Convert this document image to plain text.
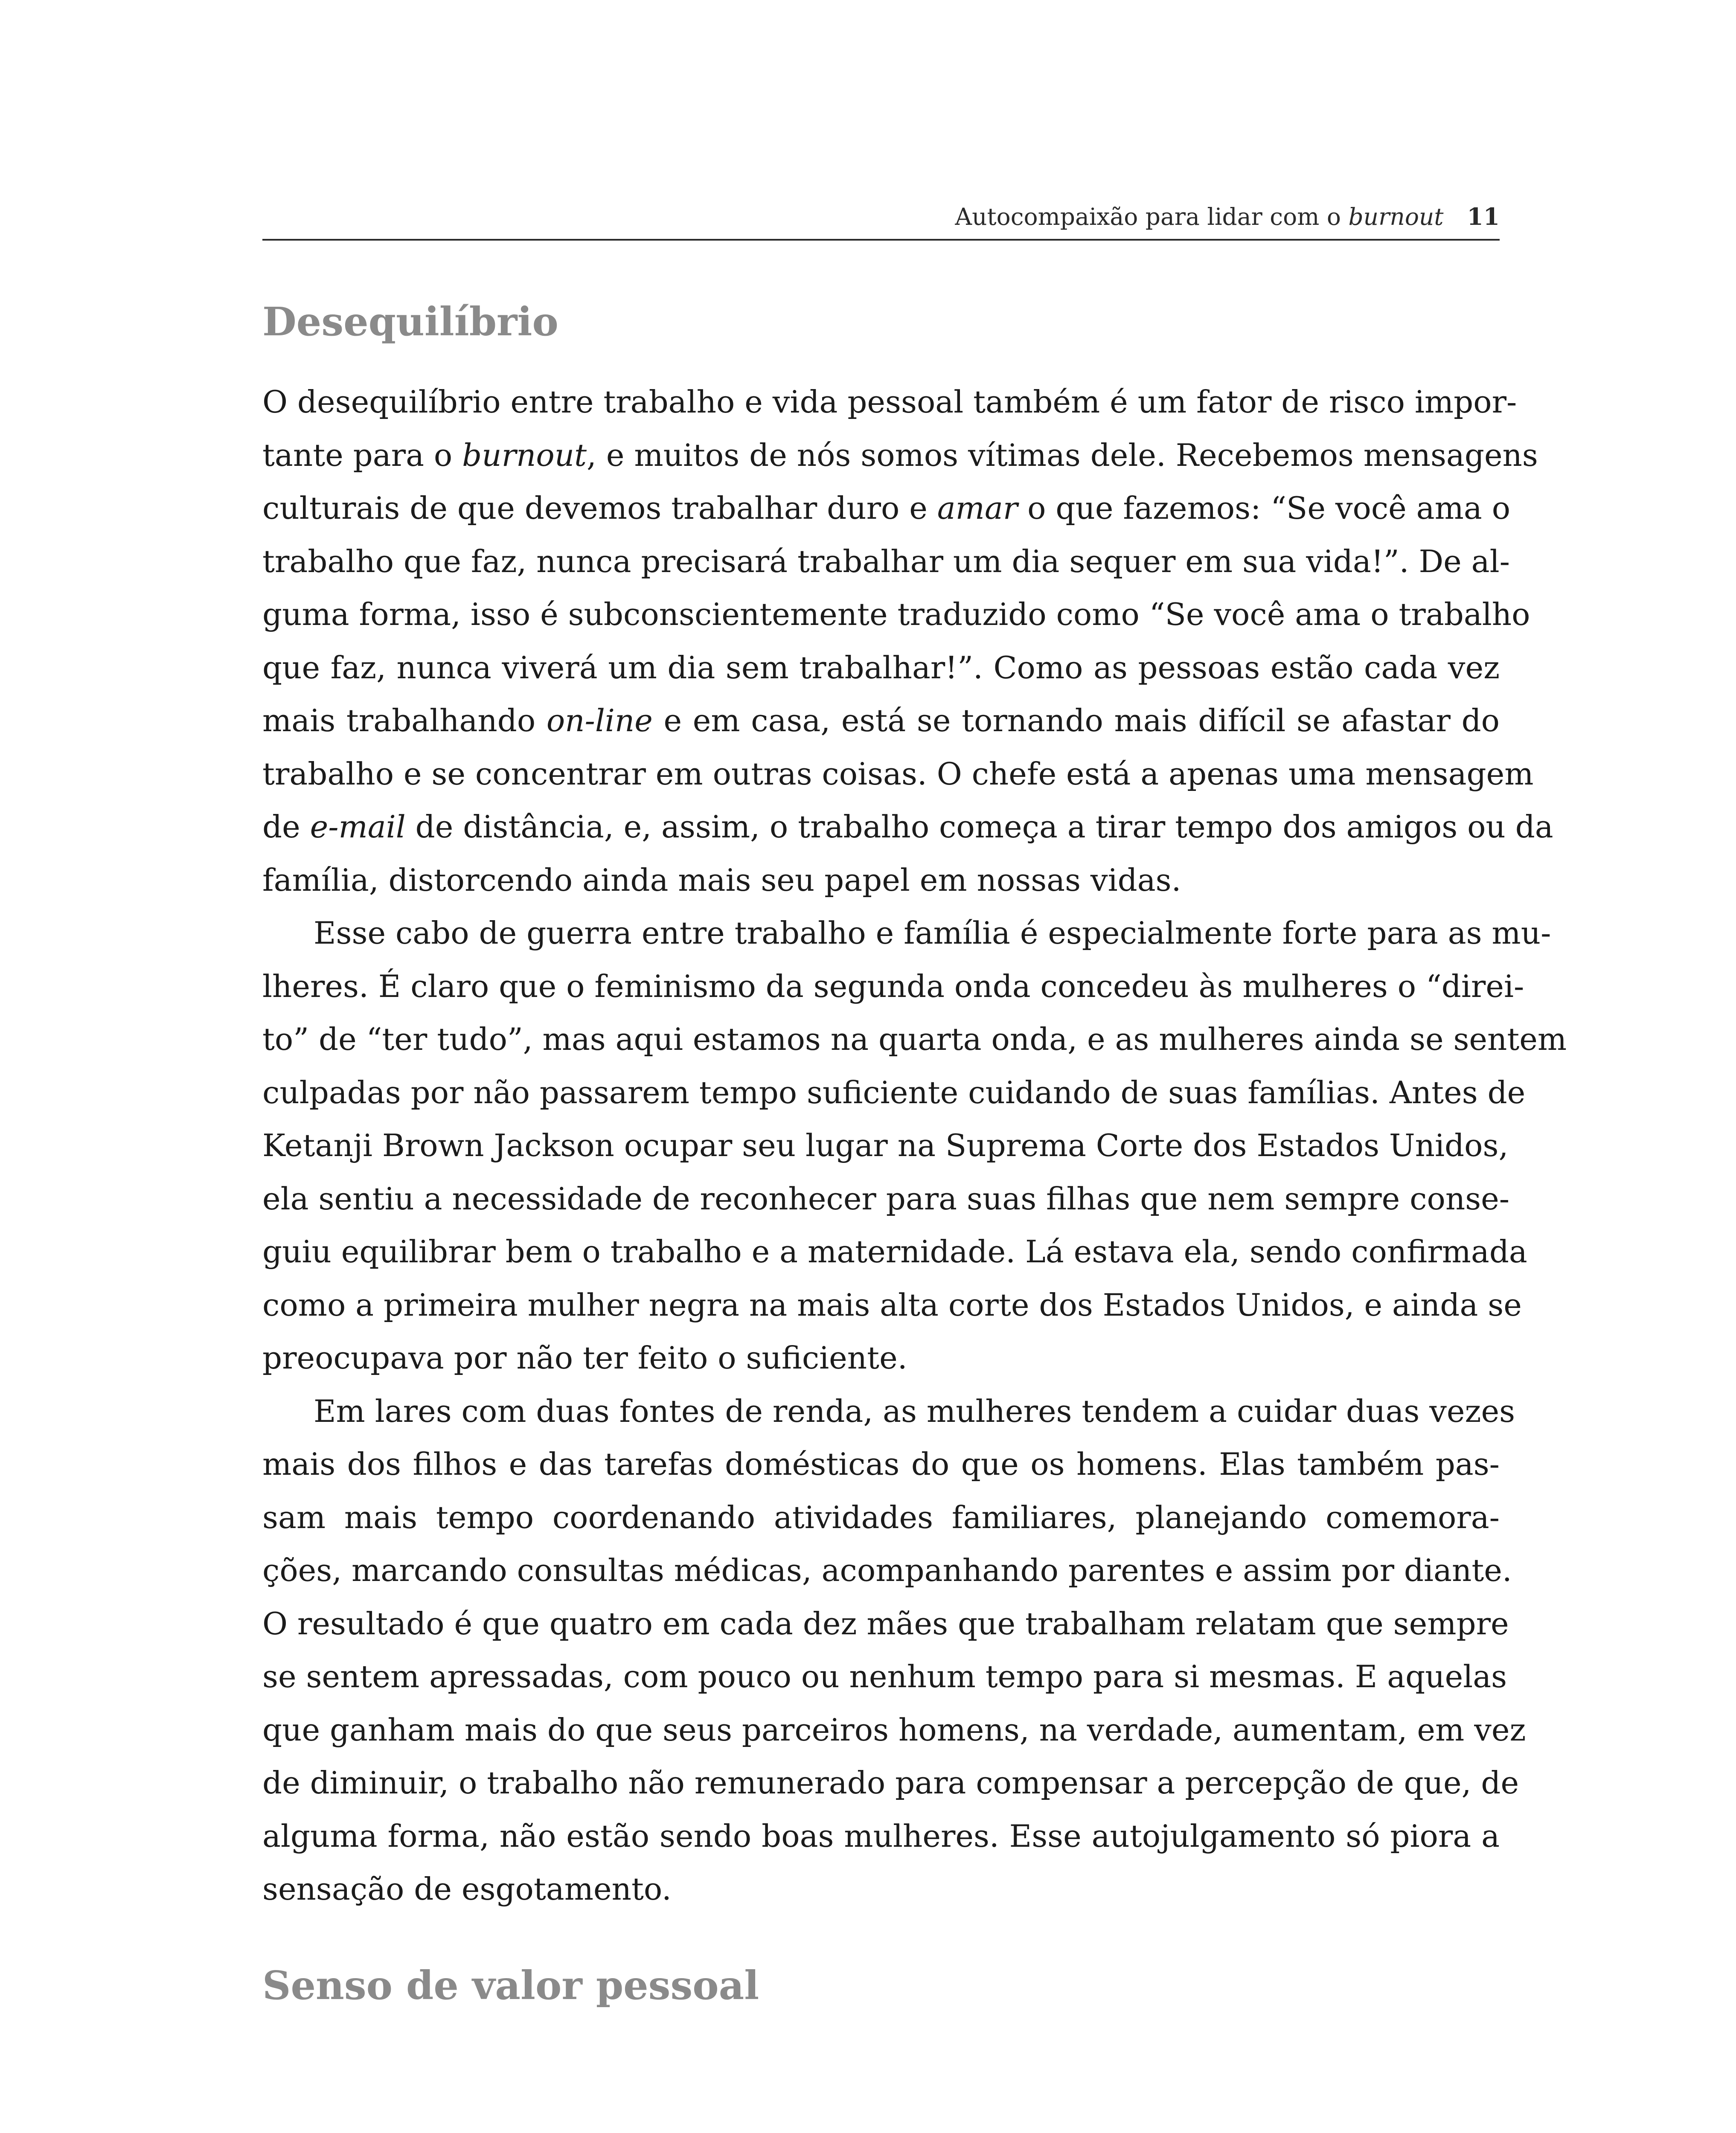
Autocompaixão para lidar com o burnout 11
Desequilíbrio
O desequilíbrio entre trabalho e vida pessoal também é um fator de risco impor-
tante para o burnout, e muitos de nós somos vítimas dele. Recebemos mensagens
culturais de que devemos trabalhar duro e amar o que fazemos: “Se você ama o
trabalho que faz, nunca precisará trabalhar um dia sequer em sua vida!”. De al-
guma forma, isso é subconscientemente traduzido como “Se você ama o trabalho
que faz, nunca viverá um dia sem trabalhar!”. Como as pessoas estão cada vez
mais trabalhando on-line e em casa, está se tornando mais difícil se afastar do
trabalho e se concentrar em outras coisas. O chefe está a apenas uma mensagem
de e-mail de distância, e, assim, o trabalho começa a tirar tempo dos amigos ou da
família, distorcendo ainda mais seu papel em nossas vidas.
Esse cabo de guerra entre trabalho e família é especialmente forte para as mu-
lheres. É claro que o feminismo da segunda onda concedeu às mulheres o “direi-
to” de “ter tudo”, mas aqui estamos na quarta onda, e as mulheres ainda se sentem
culpadas por não passarem tempo suficiente cuidando de suas famílias. Antes de
Ketanji Brown Jackson ocupar seu lugar na Suprema Corte dos Estados Unidos,
ela sentiu a necessidade de reconhecer para suas filhas que nem sempre conse-
guiu equilibrar bem o trabalho e a maternidade. Lá estava ela, sendo confirmada
como a primeira mulher negra na mais alta corte dos Estados Unidos, e ainda se
preocupava por não ter feito o suficiente.
Em lares com duas fontes de renda, as mulheres tendem a cuidar duas vezes
mais dos filhos e das tarefas domésticas do que os homens. Elas também pas-
sam mais tempo coordenando atividades familiares, planejando comemora-
ções, marcando consultas médicas, acompanhando parentes e assim por diante.
O resultado é que quatro em cada dez mães que trabalham relatam que sempre
se sentem apressadas, com pouco ou nenhum tempo para si mesmas. E aquelas
que ganham mais do que seus parceiros homens, na verdade, aumentam, em vez
de diminuir, o trabalho não remunerado para compensar a percepção de que, de
alguma forma, não estão sendo boas mulheres. Esse autojulgamento só piora a
sensação de esgotamento.
Senso de valor pessoal
